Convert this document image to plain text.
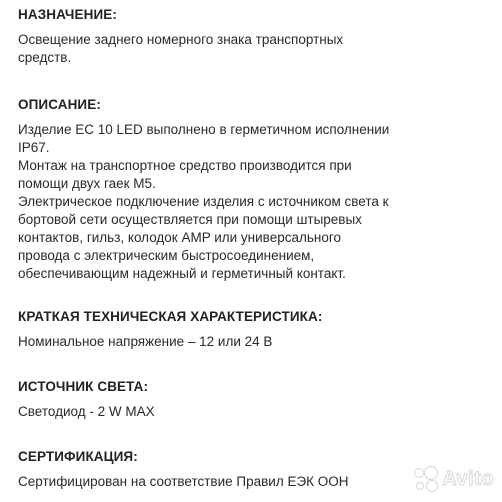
НАЗНАЧЕНИЕ:
Освещение заднего номерного знака транспортных
средств.
ОПИСАНИЕ:
Изделие ЕС 10 LED выполнено в герметичном исполнении
IP67.
Монтаж на транспортное средство производится при
помощи двух гаек М5.
Электрическое подключение изделия с источником света к
бортовой сети осуществляется при помощи штыревых
контактов, гильз, колодок AMP или универсального
провода с электрическим быстросоединением,
обеспечивающим надежный и герметичный контакт.
КРАТКАЯ ТЕХНИЧЕСКАЯ ХАРАКТЕРИСТИКА:
Номинальное напряжение – 12 или 24 В
ИСТОЧНИК СВЕТА:
Светодиод - 2 W MAX
СЕРТИФИКАЦИЯ:
Сертифицирован на соответствие Правил ЕЭК ООН	Avito
